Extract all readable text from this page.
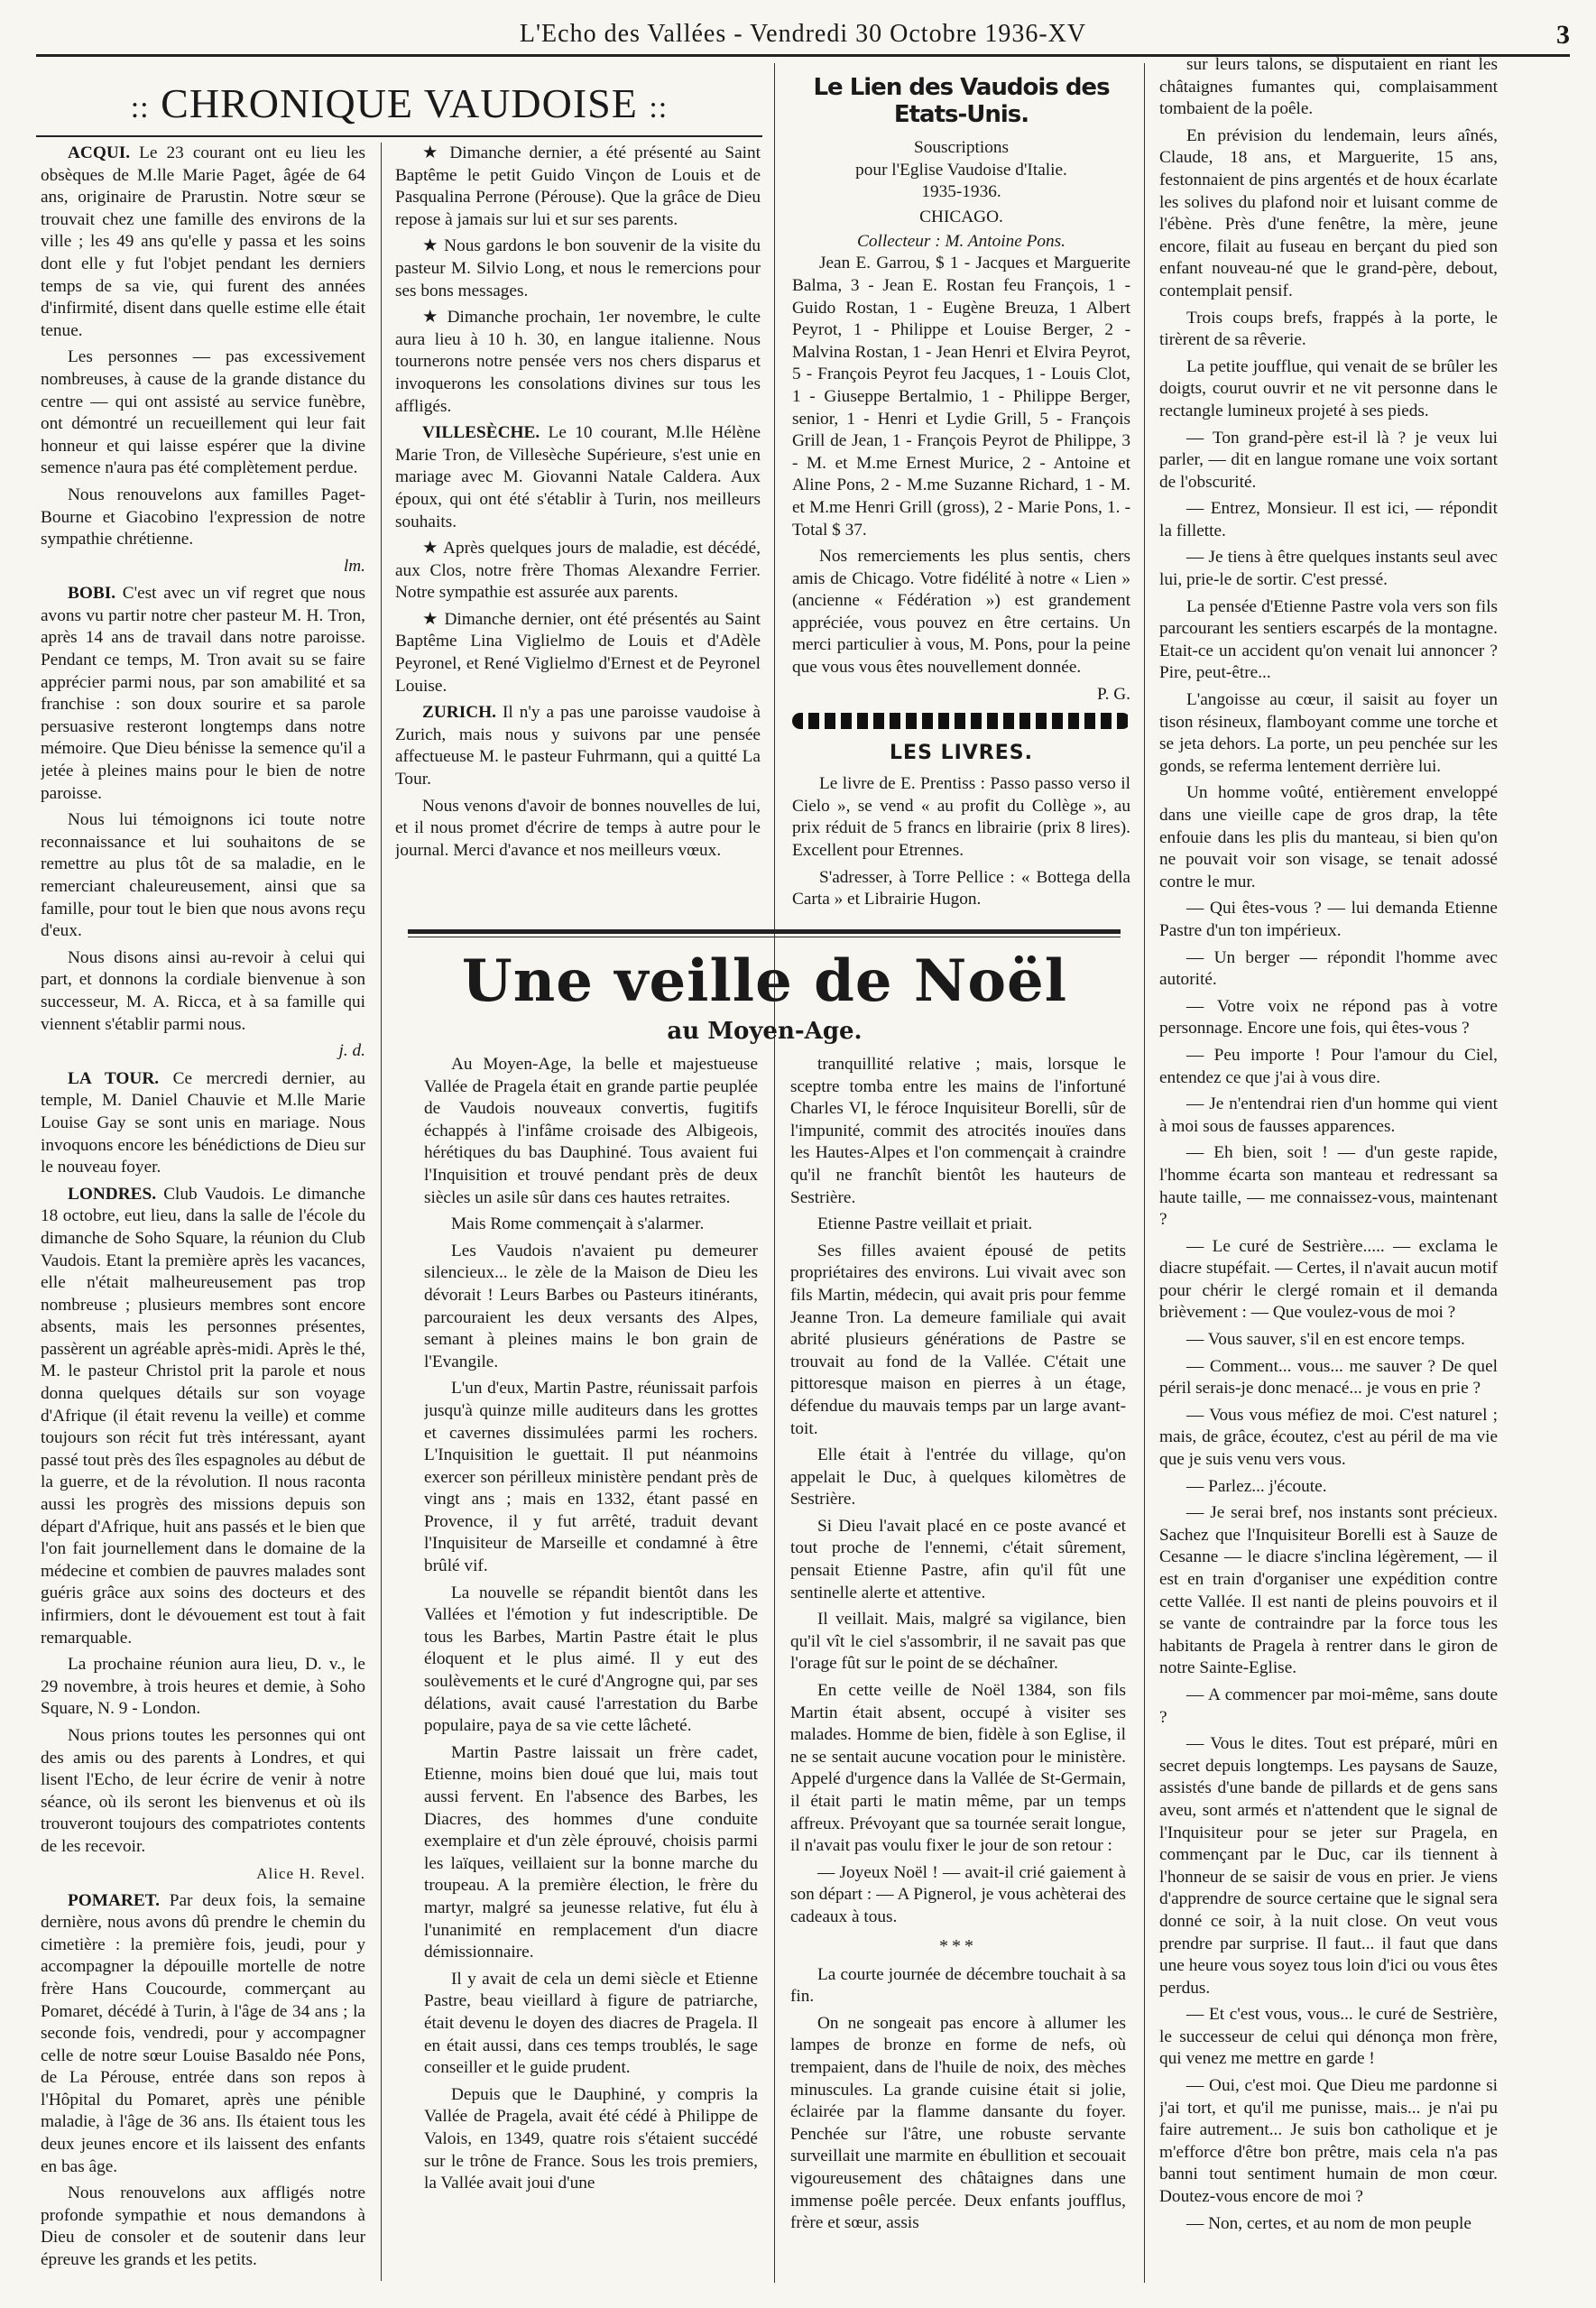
L'Echo des Vallées - Vendredi 30 Octobre 1936-XV	3
:: CHRONIQUE VAUDOISE ::

ACQUI. Le 23 courant ont eu lieu les obsèques de M.lle Marie Paget, âgée de 64 ans, originaire de Prarustin. Notre sœur se trouvait chez une famille des environs de la ville ; les 49 ans qu'elle y passa et les soins dont elle y fut l'objet pendant les derniers temps de sa vie, qui furent des années d'infirmité, disent dans quelle estime elle était tenue.

Les personnes — pas excessivement nombreuses, à cause de la grande distance du centre — qui ont assisté au service funèbre, ont démontré un recueillement qui leur fait honneur et qui laisse espérer que la divine semence n'aura pas été complètement perdue.

Nous renouvelons aux familles Paget-Bourne et Giacobino l'expression de notre sympathie chrétienne.

lm.

BOBI. C'est avec un vif regret que nous avons vu partir notre cher pasteur M. H. Tron, après 14 ans de travail dans notre paroisse. Pendant ce temps, M. Tron avait su se faire apprécier parmi nous, par son amabilité et sa franchise : son doux sourire et sa parole persuasive resteront longtemps dans notre mémoire. Que Dieu bénisse la semence qu'il a jetée à pleines mains pour le bien de notre paroisse.

Nous lui témoignons ici toute notre reconnaissance et lui souhaitons de se remettre au plus tôt de sa maladie, en le remerciant chaleureusement, ainsi que sa famille, pour tout le bien que nous avons reçu d'eux.

Nous disons ainsi au-revoir à celui qui part, et donnons la cordiale bienvenue à son successeur, M. A. Ricca, et à sa famille qui viennent s'établir parmi nous.

j. d.

LA TOUR. Ce mercredi dernier, au temple, M. Daniel Chauvie et M.lle Marie Louise Gay se sont unis en mariage. Nous invoquons encore les bénédictions de Dieu sur le nouveau foyer.

LONDRES. Club Vaudois. Le dimanche 18 octobre, eut lieu, dans la salle de l'école du dimanche de Soho Square, la réunion du Club Vaudois. Etant la première après les vacances, elle n'était malheureusement pas trop nombreuse ; plusieurs membres sont encore absents, mais les personnes présentes, passèrent un agréable après-midi. Après le thé, M. le pasteur Christol prit la parole et nous donna quelques détails sur son voyage d'Afrique (il était revenu la veille) et comme toujours son récit fut très intéressant, ayant passé tout près des îles espagnoles au début de la guerre, et de la révolution. Il nous raconta aussi les progrès des missions depuis son départ d'Afrique, huit ans passés et le bien que l'on fait journellement dans le domaine de la médecine et combien de pauvres malades sont guéris grâce aux soins des docteurs et des infirmiers, dont le dévouement est tout à fait remarquable.

La prochaine réunion aura lieu, D. v., le 29 novembre, à trois heures et demie, à Soho Square, N. 9 - London.

Nous prions toutes les personnes qui ont des amis ou des parents à Londres, et qui lisent l'Echo, de leur écrire de venir à notre séance, où ils seront les bienvenus et où ils trouveront toujours des compatriotes contents de les recevoir.

Alice H. Revel.

POMARET. Par deux fois, la semaine dernière, nous avons dû prendre le chemin du cimetière : la première fois, jeudi, pour y accompagner la dépouille mortelle de notre frère Hans Coucourde, commerçant au Pomaret, décédé à Turin, à l'âge de 34 ans ; la seconde fois, vendredi, pour y accompagner celle de notre sœur Louise Basaldo née Pons, de La Pérouse, entrée dans son repos à l'Hôpital du Pomaret, après une pénible maladie, à l'âge de 36 ans. Ils étaient tous les deux jeunes encore et ils laissent des enfants en bas âge.

Nous renouvelons aux affligés notre profonde sympathie et nous demandons à Dieu de consoler et de soutenir dans leur épreuve les grands et les petits.

★ Dimanche dernier, a été présenté au Saint Baptême le petit Guido Vinçon de Louis et de Pasqualina Perrone (Pérouse). Que la grâce de Dieu repose à jamais sur lui et sur ses parents.

★ Nous gardons le bon souvenir de la visite du pasteur M. Silvio Long, et nous le remercions pour ses bons messages.

★ Dimanche prochain, 1er novembre, le culte aura lieu à 10 h. 30, en langue italienne. Nous tournerons notre pensée vers nos chers disparus et invoquerons les consolations divines sur tous les affligés.

VILLESÈCHE. Le 10 courant, M.lle Hélène Marie Tron, de Villesèche Supérieure, s'est unie en mariage avec M. Giovanni Natale Caldera. Aux époux, qui ont été s'établir à Turin, nos meilleurs souhaits.

★ Après quelques jours de maladie, est décédé, aux Clos, notre frère Thomas Alexandre Ferrier. Notre sympathie est assurée aux parents.

★ Dimanche dernier, ont été présentés au Saint Baptême Lina Viglielmo de Louis et d'Adèle Peyronel, et René Viglielmo d'Ernest et de Peyronel Louise.

ZURICH. Il n'y a pas une paroisse vaudoise à Zurich, mais nous y suivons par une pensée affectueuse M. le pasteur Fuhrmann, qui a quitté La Tour.

Nous venons d'avoir de bonnes nouvelles de lui, et il nous promet d'écrire de temps à autre pour le journal. Merci d'avance et nos meilleurs vœux.

Le Lien des Vaudois des Etats-Unis.
Souscriptions
pour l'Eglise Vaudoise d'Italie.
1935-1936.
CHICAGO.
Collecteur : M. Antoine Pons.

Jean E. Garrou, $ 1 - Jacques et Marguerite Balma, 3 - Jean E. Rostan feu François, 1 - Guido Rostan, 1 - Eugène Breuza, 1 Albert Peyrot, 1 - Philippe et Louise Berger, 2 - Malvina Rostan, 1 - Jean Henri et Elvira Peyrot, 5 - François Peyrot feu Jacques, 1 - Louis Clot, 1 - Giuseppe Bertalmio, 1 - Philippe Berger, senior, 1 - Henri et Lydie Grill, 5 - François Grill de Jean, 1 - François Peyrot de Philippe, 3 - M. et M.me Ernest Murice, 2 - Antoine et Aline Pons, 2 - M.me Suzanne Richard, 1 - M. et M.me Henri Grill (gross), 2 - Marie Pons, 1. - Total $ 37.

Nos remerciements les plus sentis, chers amis de Chicago. Votre fidélité à notre « Lien » (ancienne « Fédération ») est grandement appréciée, vous pouvez en être certains. Un merci particulier à vous, M. Pons, pour la peine que vous vous êtes nouvellement donnée.

P. G.
LES LIVRES.

Le livre de E. Prentiss : Passo passo verso il Cielo », se vend « au profit du Collège », au prix réduit de 5 francs en librairie (prix 8 lires). Excellent pour Etrennes.

S'adresser, à Torre Pellice : « Bottega della Carta » et Librairie Hugon.

Une veille de Noël
au Moyen-Age.

Au Moyen-Age, la belle et majestueuse Vallée de Pragela était en grande partie peuplée de Vaudois nouveaux convertis, fugitifs échappés à l'infâme croisade des Albigeois, hérétiques du bas Dauphiné. Tous avaient fui l'Inquisition et trouvé pendant près de deux siècles un asile sûr dans ces hautes retraites.

Mais Rome commençait à s'alarmer.

Les Vaudois n'avaient pu demeurer silencieux... le zèle de la Maison de Dieu les dévorait ! Leurs Barbes ou Pasteurs itinérants, parcouraient les deux versants des Alpes, semant à pleines mains le bon grain de l'Evangile.

L'un d'eux, Martin Pastre, réunissait parfois jusqu'à quinze mille auditeurs dans les grottes et cavernes dissimulées parmi les rochers. L'Inquisition le guettait. Il put néanmoins exercer son périlleux ministère pendant près de vingt ans ; mais en 1332, étant passé en Provence, il y fut arrêté, traduit devant l'Inquisiteur de Marseille et condamné à être brûlé vif.

La nouvelle se répandit bientôt dans les Vallées et l'émotion y fut indescriptible. De tous les Barbes, Martin Pastre était le plus éloquent et le plus aimé. Il y eut des soulèvements et le curé d'Angrogne qui, par ses délations, avait causé l'arrestation du Barbe populaire, paya de sa vie cette lâcheté.

Martin Pastre laissait un frère cadet, Etienne, moins bien doué que lui, mais tout aussi fervent. En l'absence des Barbes, les Diacres, des hommes d'une conduite exemplaire et d'un zèle éprouvé, choisis parmi les laïques, veillaient sur la bonne marche du troupeau. A la première élection, le frère du martyr, malgré sa jeunesse relative, fut élu à l'unanimité en remplacement d'un diacre démissionnaire.

Il y avait de cela un demi siècle et Etienne Pastre, beau vieillard à figure de patriarche, était devenu le doyen des diacres de Pragela. Il en était aussi, dans ces temps troublés, le sage conseiller et le guide prudent.

Depuis que le Dauphiné, y compris la Vallée de Pragela, avait été cédé à Philippe de Valois, en 1349, quatre rois s'étaient succédé sur le trône de France. Sous les trois premiers, la Vallée avait joui d'une

tranquillité relative ; mais, lorsque le sceptre tomba entre les mains de l'infortuné Charles VI, le féroce Inquisiteur Borelli, sûr de l'impunité, commit des atrocités inouïes dans les Hautes-Alpes et l'on commençait à craindre qu'il ne franchît bientôt les hauteurs de Sestrière.

Etienne Pastre veillait et priait.

Ses filles avaient épousé de petits propriétaires des environs. Lui vivait avec son fils Martin, médecin, qui avait pris pour femme Jeanne Tron. La demeure familiale qui avait abrité plusieurs générations de Pastre se trouvait au fond de la Vallée. C'était une pittoresque maison en pierres à un étage, défendue du mauvais temps par un large avant-toit.

Elle était à l'entrée du village, qu'on appelait le Duc, à quelques kilomètres de Sestrière.

Si Dieu l'avait placé en ce poste avancé et tout proche de l'ennemi, c'était sûrement, pensait Etienne Pastre, afin qu'il fût une sentinelle alerte et attentive.

Il veillait. Mais, malgré sa vigilance, bien qu'il vît le ciel s'assombrir, il ne savait pas que l'orage fût sur le point de se déchaîner.

En cette veille de Noël 1384, son fils Martin était absent, occupé à visiter ses malades. Homme de bien, fidèle à son Eglise, il ne se sentait aucune vocation pour le ministère. Appelé d'urgence dans la Vallée de St-Germain, il était parti le matin même, par un temps affreux. Prévoyant que sa tournée serait longue, il n'avait pas voulu fixer le jour de son retour :

— Joyeux Noël ! — avait-il crié gaiement à son départ : — A Pignerol, je vous achèterai des cadeaux à tous.

***

La courte journée de décembre touchait à sa fin.

On ne songeait pas encore à allumer les lampes de bronze en forme de nefs, où trempaient, dans de l'huile de noix, des mèches minuscules. La grande cuisine était si jolie, éclairée par la flamme dansante du foyer. Penchée sur l'âtre, une robuste servante surveillait une marmite en ébullition et secouait vigoureusement des châtaignes dans une immense poêle percée. Deux enfants joufflus, frère et sœur, assis

sur leurs talons, se disputaient en riant les châtaignes fumantes qui, complaisamment tombaient de la poêle.

En prévision du lendemain, leurs aînés, Claude, 18 ans, et Marguerite, 15 ans, festonnaient de pins argentés et de houx écarlate les solives du plafond noir et luisant comme de l'ébène. Près d'une fenêtre, la mère, jeune encore, filait au fuseau en berçant du pied son enfant nouveau-né que le grand-père, debout, contemplait pensif.

Trois coups brefs, frappés à la porte, le tirèrent de sa rêverie.

La petite joufflue, qui venait de se brûler les doigts, courut ouvrir et ne vit personne dans le rectangle lumineux projeté à ses pieds.

— Ton grand-père est-il là ? je veux lui parler, — dit en langue romane une voix sortant de l'obscurité.

— Entrez, Monsieur. Il est ici, — répondit la fillette.

— Je tiens à être quelques instants seul avec lui, prie-le de sortir. C'est pressé.

La pensée d'Etienne Pastre vola vers son fils parcourant les sentiers escarpés de la montagne. Etait-ce un accident qu'on venait lui annoncer ? Pire, peut-être...

L'angoisse au cœur, il saisit au foyer un tison résineux, flamboyant comme une torche et se jeta dehors. La porte, un peu penchée sur les gonds, se referma lentement derrière lui.

Un homme voûté, entièrement enveloppé dans une vieille cape de gros drap, la tête enfouie dans les plis du manteau, si bien qu'on ne pouvait voir son visage, se tenait adossé contre le mur.

— Qui êtes-vous ? — lui demanda Etienne Pastre d'un ton impérieux.

— Un berger — répondit l'homme avec autorité.

— Votre voix ne répond pas à votre personnage. Encore une fois, qui êtes-vous ?

— Peu importe ! Pour l'amour du Ciel, entendez ce que j'ai à vous dire.

— Je n'entendrai rien d'un homme qui vient à moi sous de fausses apparences.

— Eh bien, soit ! — d'un geste rapide, l'homme écarta son manteau et redressant sa haute taille, — me connaissez-vous, maintenant ?

— Le curé de Sestrière..... — exclama le diacre stupéfait. — Certes, il n'avait aucun motif pour chérir le clergé romain et il demanda brièvement : — Que voulez-vous de moi ?

— Vous sauver, s'il en est encore temps.

— Comment... vous... me sauver ? De quel péril serais-je donc menacé... je vous en prie ?

— Vous vous méfiez de moi. C'est naturel ; mais, de grâce, écoutez, c'est au péril de ma vie que je suis venu vers vous.

— Parlez... j'écoute.

— Je serai bref, nos instants sont précieux. Sachez que l'Inquisiteur Borelli est à Sauze de Cesanne — le diacre s'inclina légèrement, — il est en train d'organiser une expédition contre cette Vallée. Il est nanti de pleins pouvoirs et il se vante de contraindre par la force tous les habitants de Pragela à rentrer dans le giron de notre Sainte-Eglise.

— A commencer par moi-même, sans doute ?

— Vous le dites. Tout est préparé, mûri en secret depuis longtemps. Les paysans de Sauze, assistés d'une bande de pillards et de gens sans aveu, sont armés et n'attendent que le signal de l'Inquisiteur pour se jeter sur Pragela, en commençant par le Duc, car ils tiennent à l'honneur de se saisir de vous en prier. Je viens d'apprendre de source certaine que le signal sera donné ce soir, à la nuit close. On veut vous prendre par surprise. Il faut... il faut que dans une heure vous soyez tous loin d'ici ou vous êtes perdus.

— Et c'est vous, vous... le curé de Sestrière, le successeur de celui qui dénonça mon frère, qui venez me mettre en garde !

— Oui, c'est moi. Que Dieu me pardonne si j'ai tort, et qu'il me punisse, mais... je n'ai pu faire autrement... Je suis bon catholique et je m'efforce d'être bon prêtre, mais cela n'a pas banni tout sentiment humain de mon cœur. Doutez-vous encore de moi ?

— Non, certes, et au nom de mon peuple
